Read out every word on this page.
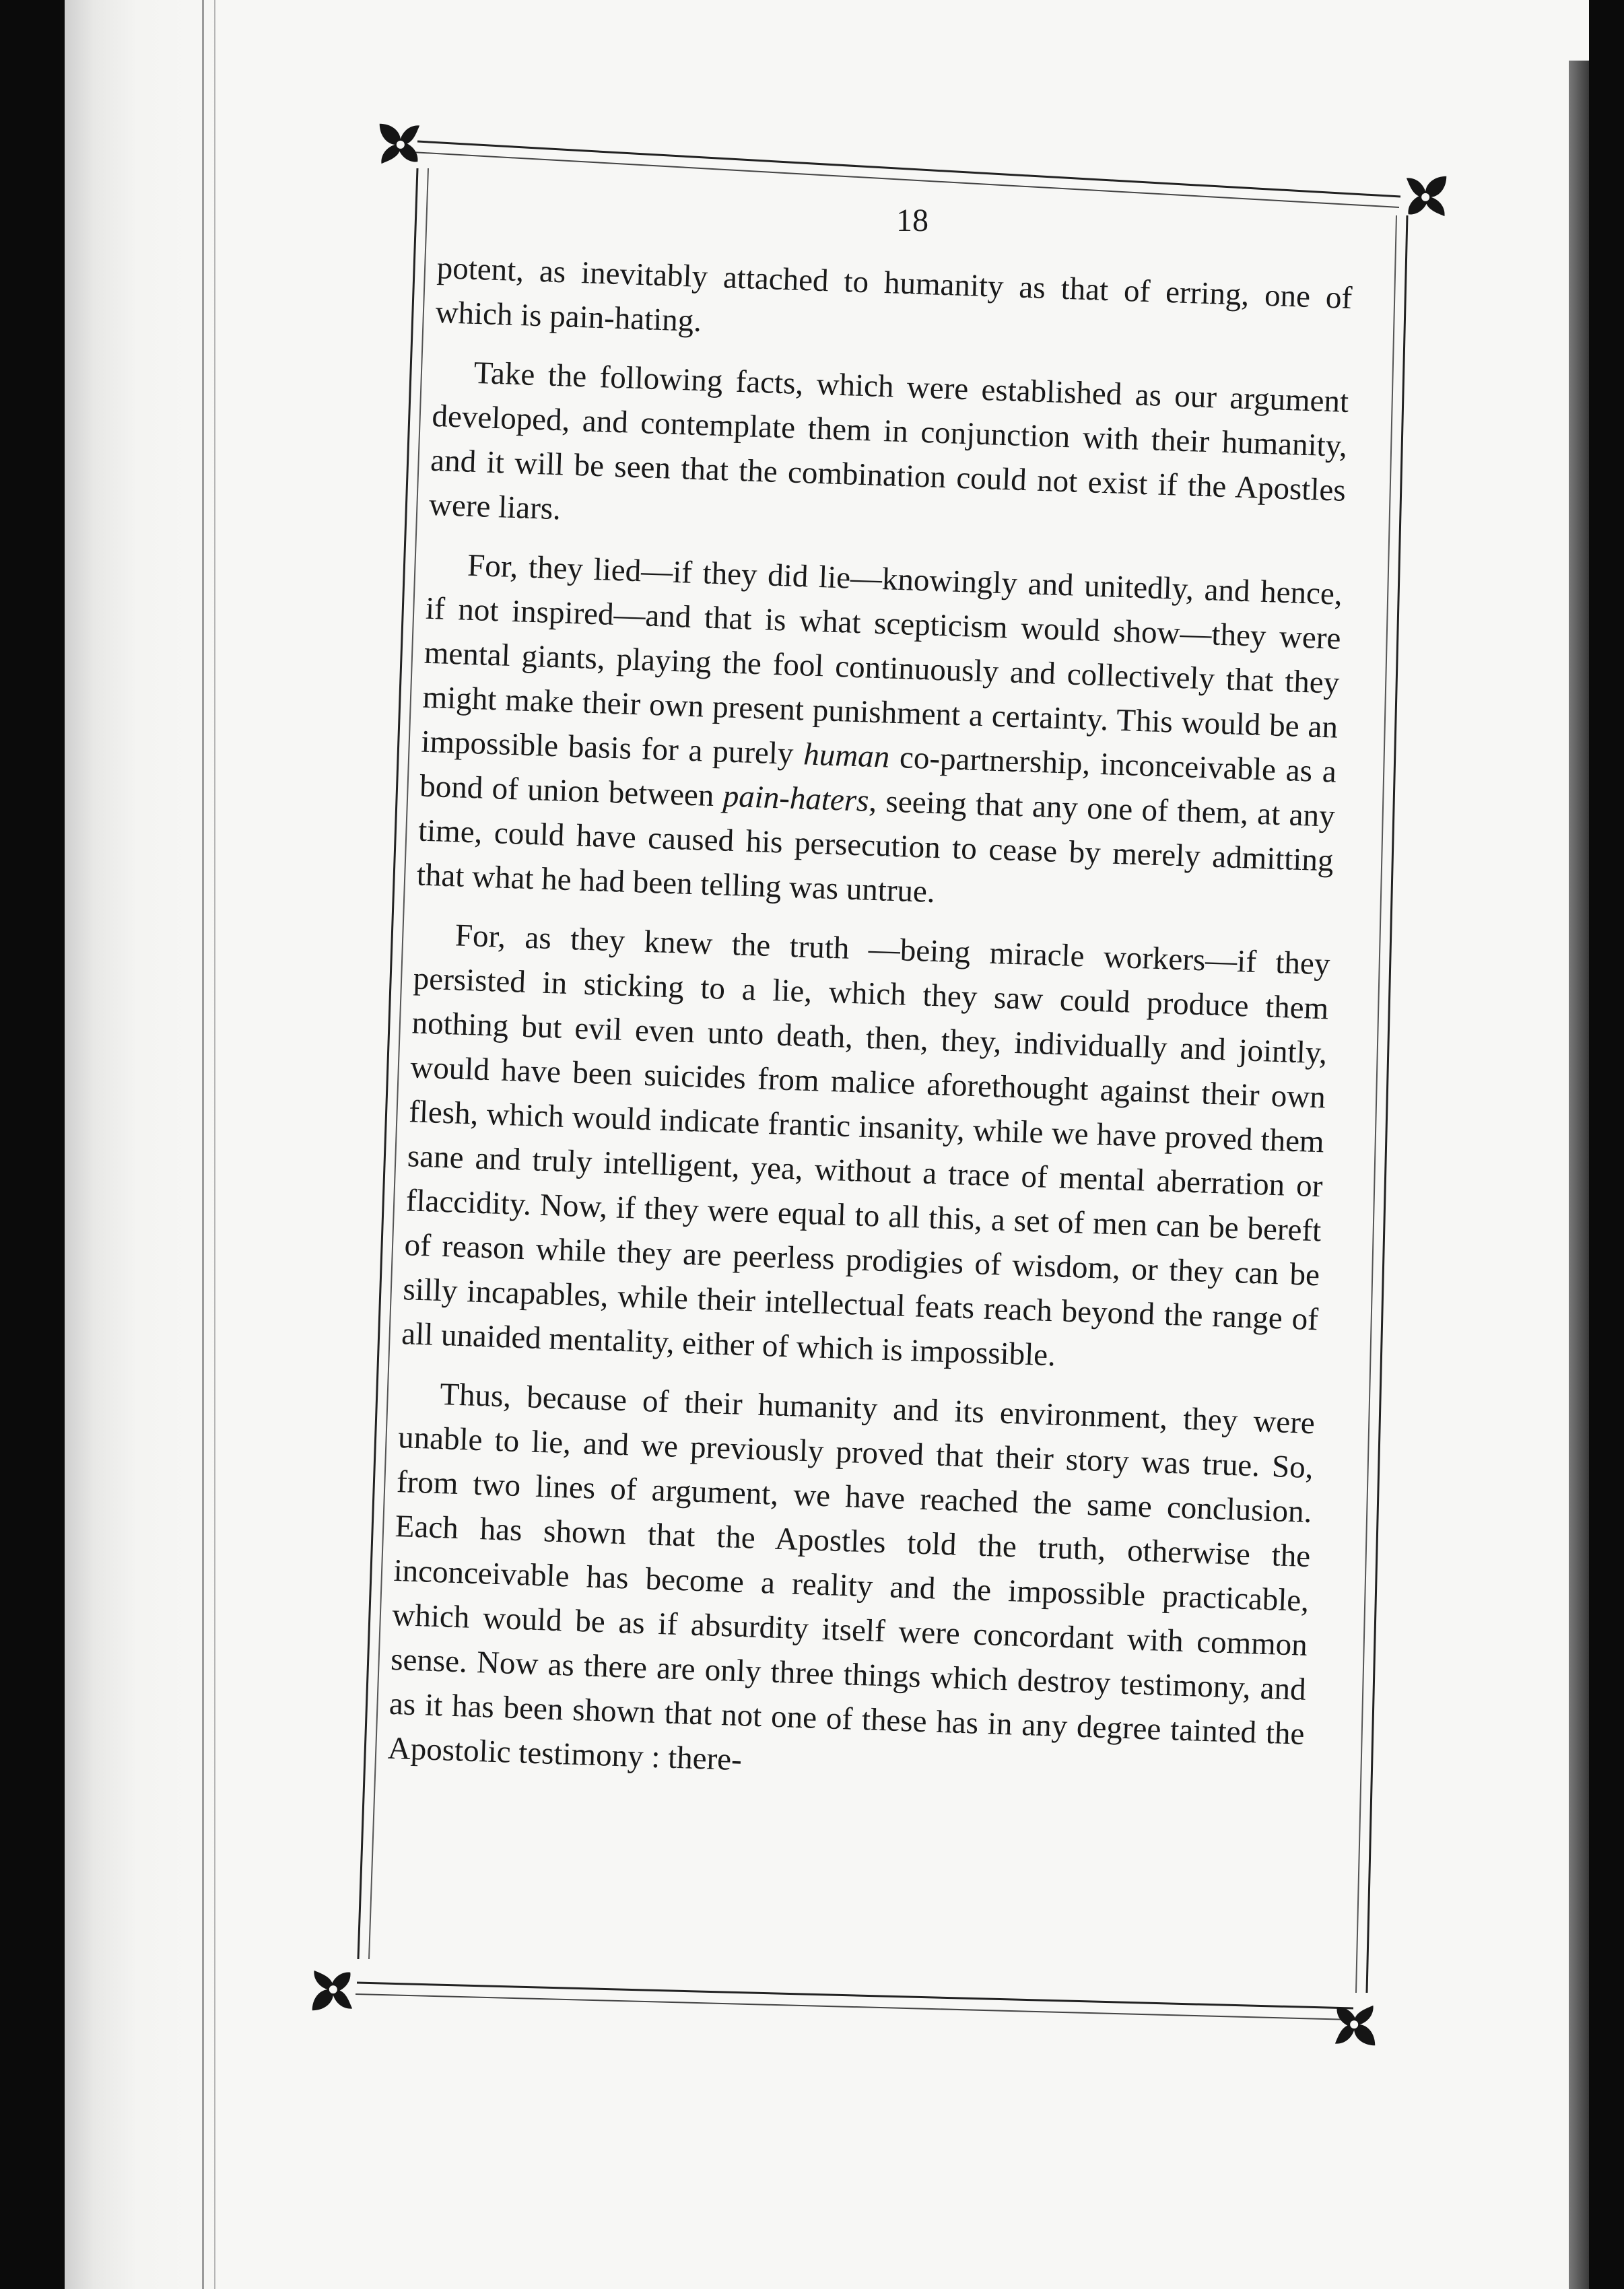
18

potent, as inevitably attached to humanity as that of erring, one of which is pain-hating.

Take the following facts, which were established as our argument developed, and contemplate them in conjunction with their humanity, and it will be seen that the combination could not exist if the Apostles were liars.

For, they lied—if they did lie—knowingly and unitedly, and hence, if not inspired—and that is what scepticism would show—they were mental giants, playing the fool continuously and collectively that they might make their own present punishment a certainty. This would be an impossible basis for a purely human co-partnership, inconceivable as a bond of union between pain-haters, seeing that any one of them, at any time, could have caused his persecution to cease by merely admitting that what he had been telling was untrue.

For, as they knew the truth —being miracle workers—if they persisted in sticking to a lie, which they saw could produce them nothing but evil even unto death, then, they, individually and jointly, would have been suicides from malice aforethought against their own flesh, which would indicate frantic insanity, while we have proved them sane and truly intelligent, yea, without a trace of mental aberration or flaccidity. Now, if they were equal to all this, a set of men can be bereft of reason while they are peerless prodigies of wisdom, or they can be silly incapables, while their intellectual feats reach beyond the range of all unaided mentality, either of which is impossible.

Thus, because of their humanity and its environment, they were unable to lie, and we previously proved that their story was true. So, from two lines of argument, we have reached the same conclusion. Each has shown that the Apostles told the truth, otherwise the inconceivable has become a reality and the impossible practicable, which would be as if absurdity itself were concordant with common sense. Now as there are only three things which destroy testimony, and as it has been shown that not one of these has in any degree tainted the Apostolic testimony : there-
